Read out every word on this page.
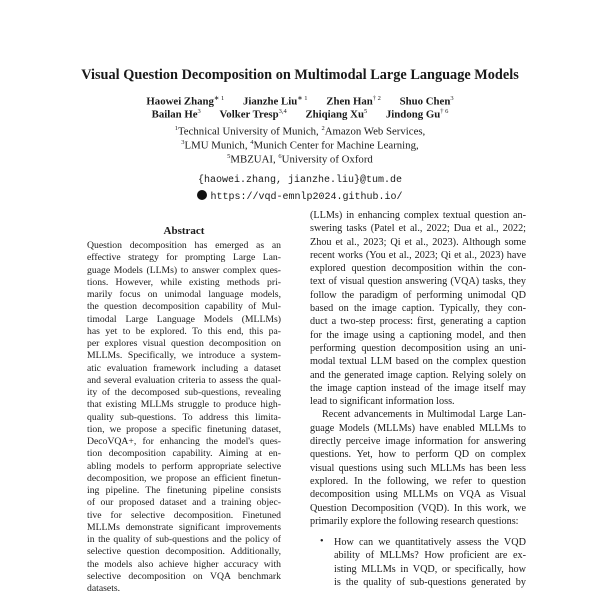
Visual Question Decomposition on Multimodal Large Language Models
Haowei Zhang$^{∗ 1}$ Jianzhe Liu$^{∗ 1}$ Zhen Han$^{\dagger 2}$ Shuo Chen$^3$
Bailan He$^3$ Volker Tresp$^{3,4}$ Zhiqiang Xu$^5$ Jindong Gu$^{\dagger 6}$
$^1$Technical University of Munich, $^2$Amazon Web Services,
$^3$LMU Munich, $^4$Munich Center for Machine Learning,
$^5$MBZUAI, $^6$University of Oxford
{haowei.zhang, jianzhe.liu}@tum.de
https://vqd-emnlp2024.github.io/
Abstract
Question decomposition has emerged as an
effective strategy for prompting Large Lan-
guage Models (LLMs) to answer complex ques-
tions. However, while existing methods pri-
marily focus on unimodal language models,
the question decomposition capability of Mul-
timodal Large Language Models (MLLMs)
has yet to be explored. To this end, this pa-
per explores visual question decomposition on
MLLMs. Specifically, we introduce a system-
atic evaluation framework including a dataset
and several evaluation criteria to assess the qual-
ity of the decomposed sub-questions, revealing
that existing MLLMs struggle to produce high-
quality sub-questions. To address this limita-
tion, we propose a specific finetuning dataset,
DecoVQA+, for enhancing the model's ques-
tion decomposition capability. Aiming at en-
abling models to perform appropriate selective
decomposition, we propose an efficient finetun-
ing pipeline. The finetuning pipeline consists
of our proposed dataset and a training objec-
tive for selective decomposition. Finetuned
MLLMs demonstrate significant improvements
in the quality of sub-questions and the policy of
selective question decomposition. Additionally,
the models also achieve higher accuracy with
selective decomposition on VQA benchmark
datasets.
(LLMs) in enhancing complex textual question an-
swering tasks (Patel et al., 2022; Dua et al., 2022;
Zhou et al., 2023; Qi et al., 2023). Although some
recent works (You et al., 2023; Qi et al., 2023) have
explored question decomposition within the con-
text of visual question answering (VQA) tasks, they
follow the paradigm of performing unimodal QD
based on the image caption. Typically, they con-
duct a two-step process: first, generating a caption
for the image using a captioning model, and then
performing question decomposition using an uni-
modal textual LLM based on the complex question
and the generated image caption. Relying solely on
the image caption instead of the image itself may
lead to significant information loss.
Recent advancements in Multimodal Large Lan-
guage Models (MLLMs) have enabled MLLMs to
directly perceive image information for answering
questions. Yet, how to perform QD on complex
visual questions using such MLLMs has been less
explored. In the following, we refer to question
decomposition using MLLMs on VQA as Visual
Question Decomposition (VQD). In this work, we
primarily explore the following research questions:
• How can we quantitatively assess the VQD
ability of MLLMs? How proficient are ex-
isting MLLMs in VQD, or specifically, how
is the quality of sub-questions generated by
